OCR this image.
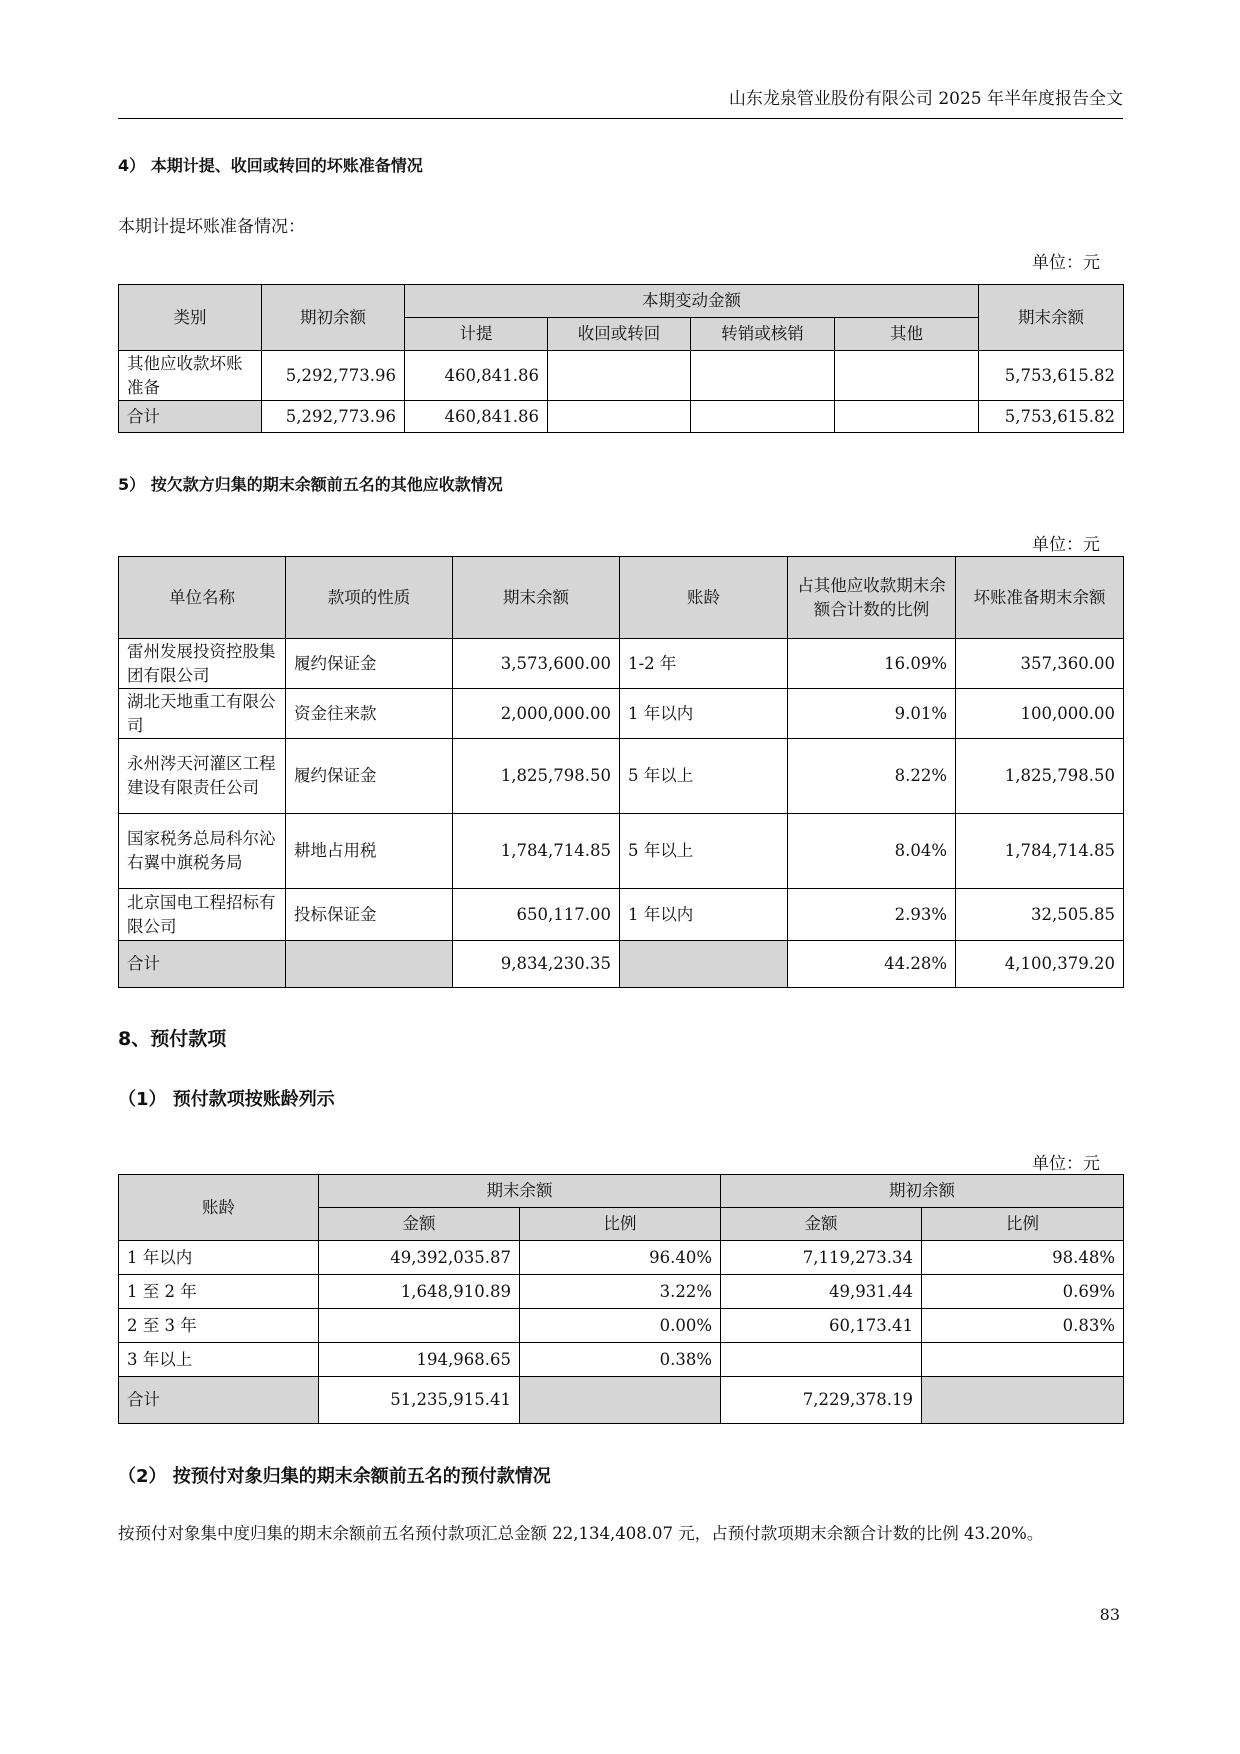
山东龙泉管业股份有限公司 2025 年半年度报告全文
4） 本期计提、收回或转回的坏账准备情况
本期计提坏账准备情况：
单位：元
类别	期初余额	本期变动金额				期末余额
		计提	收回或转回	转销或核销	其他	
其他应收款坏账准备	5,292,773.96	460,841.86				5,753,615.82
合计	5,292,773.96	460,841.86				5,753,615.82
5） 按欠款方归集的期末余额前五名的其他应收款情况
单位：元
单位名称	款项的性质	期末余额	账龄	占其他应收款期末余额合计数的比例	坏账准备期末余额
雷州发展投资控股集团有限公司	履约保证金	3,573,600.00	1-2 年	16.09%	357,360.00
湖北天地重工有限公司	资金往来款	2,000,000.00	1 年以内	9.01%	100,000.00
永州涔天河灌区工程建设有限责任公司	履约保证金	1,825,798.50	5 年以上	8.22%	1,825,798.50
国家税务总局科尔沁右翼中旗税务局	耕地占用税	1,784,714.85	5 年以上	8.04%	1,784,714.85
北京国电工程招标有限公司	投标保证金	650,117.00	1 年以内	2.93%	32,505.85
合计		9,834,230.35		44.28%	4,100,379.20
8、预付款项
（1） 预付款项按账龄列示
单位：元
账龄	期末余额		期初余额	
	金额	比例	金额	比例
1 年以内	49,392,035.87	96.40%	7,119,273.34	98.48%
1 至 2 年	1,648,910.89	3.22%	49,931.44	0.69%
2 至 3 年		0.00%	60,173.41	0.83%
3 年以上	194,968.65	0.38%		
合计	51,235,915.41		7,229,378.19	
（2） 按预付对象归集的期末余额前五名的预付款情况
按预付对象集中度归集的期末余额前五名预付款项汇总金额 22,134,408.07 元，占预付款项期末余额合计数的比例 43.20%。
83
